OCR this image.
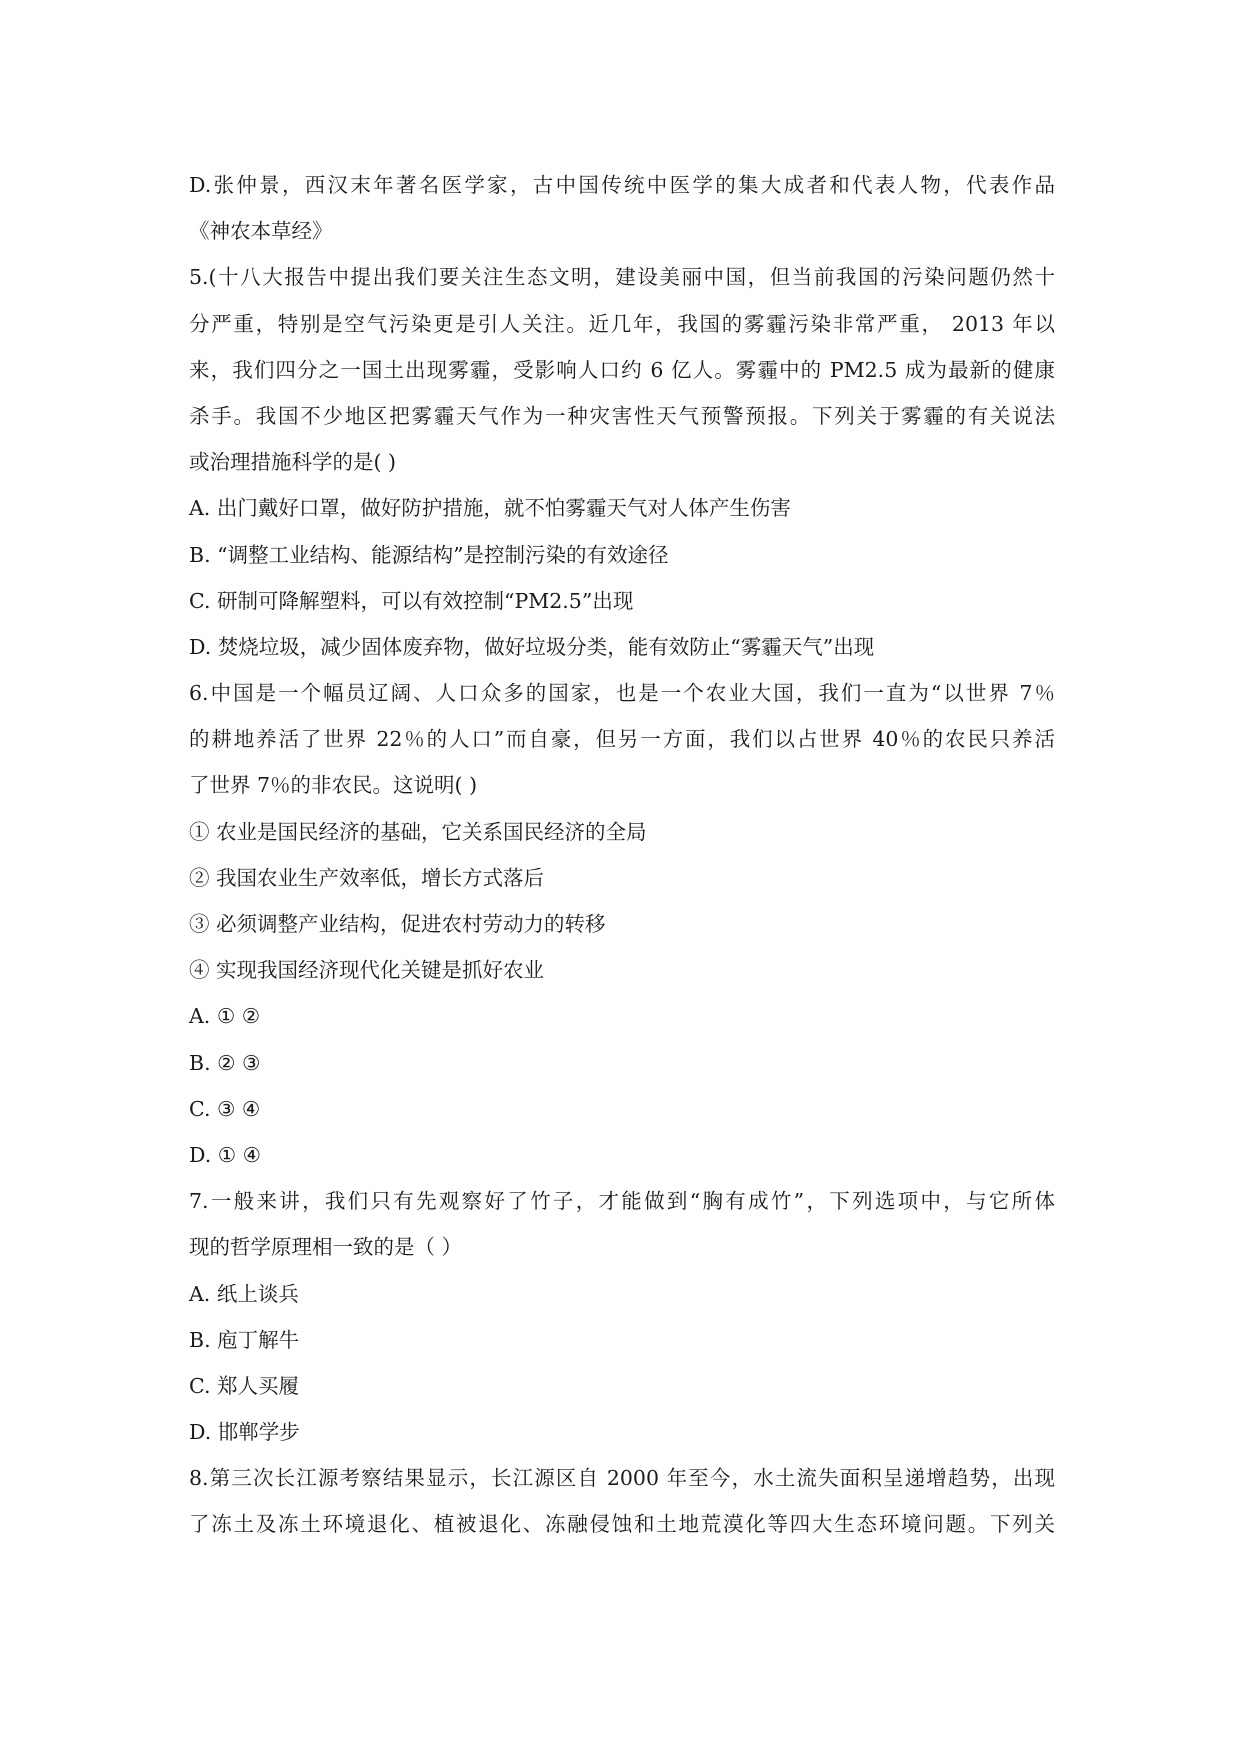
D.张仲景，西汉末年著名医学家，古中国传统中医学的集大成者和代表人物，代表作品
《神农本草经》
5.(十八大报告中提出我们要关注生态文明，建设美丽中国，但当前我国的污染问题仍然十
分严重，特别是空气污染更是引人关注。近几年，我国的雾霾污染非常严重， 2013 年以
来，我们四分之一国土出现雾霾，受影响人口约 6 亿人。雾霾中的 PM2.5 成为最新的健康
杀手。我国不少地区把雾霾天气作为一种灾害性天气预警预报。下列关于雾霾的有关说法
或治理措施科学的是( )
A. 出门戴好口罩，做好防护措施，就不怕雾霾天气对人体产生伤害
B. “调整工业结构、能源结构”是控制污染的有效途径
C. 研制可降解塑料，可以有效控制“PM2.5”出现
D. 焚烧垃圾，减少固体废弃物，做好垃圾分类，能有效防止“雾霾天气”出现
6.中国是一个幅员辽阔、人口众多的国家，也是一个农业大国，我们一直为“以世界 7％
的耕地养活了世界 22％的人口”而自豪，但另一方面，我们以占世界 40％的农民只养活
了世界 7％的非农民。这说明( )
① 农业是国民经济的基础，它关系国民经济的全局
② 我国农业生产效率低，增长方式落后
③ 必须调整产业结构，促进农村劳动力的转移
④ 实现我国经济现代化关键是抓好农业
A. ① ②
B. ② ③
C. ③ ④
D. ① ④
7.一般来讲，我们只有先观察好了竹子，才能做到“胸有成竹”，下列选项中，与它所体
现的哲学原理相一致的是（ ）
A. 纸上谈兵
B. 庖丁解牛
C. 郑人买履
D. 邯郸学步
8.第三次长江源考察结果显示，长江源区自 2000 年至今，水土流失面积呈递增趋势，出现
了冻土及冻土环境退化、植被退化、冻融侵蚀和土地荒漠化等四大生态环境问题。下列关
